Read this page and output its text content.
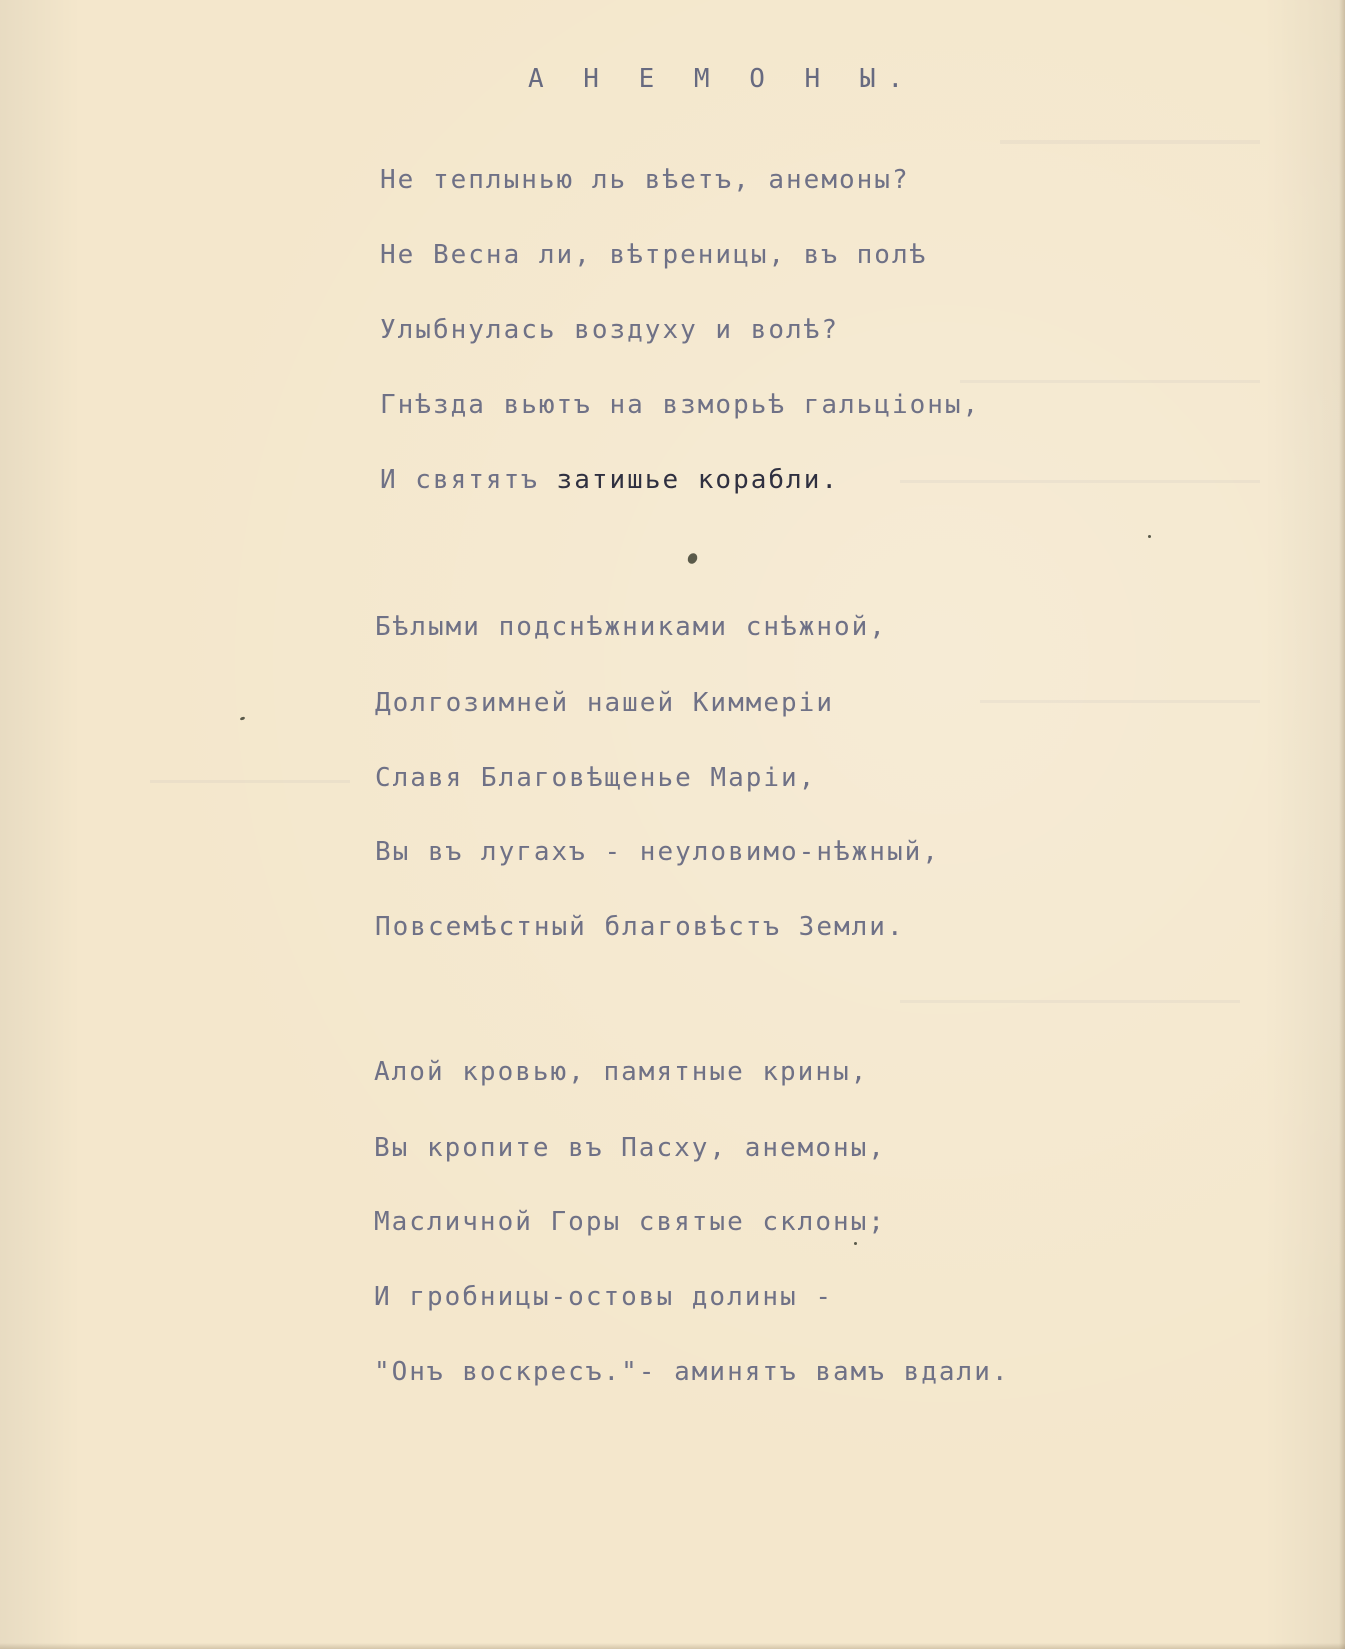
А Н Е М О Н Ы.

Не теплынью ль вѣетъ, анемоны?

Не Весна ли, вѣтреницы, въ полѣ

Улыбнулась воздуху и волѣ?

Гнѣзда вьютъ на взморьѣ гальціоны,

И святятъ затишье корабли.

Бѣлыми подснѣжниками снѣжной,

Долгозимней нашей Киммеріи

Славя Благовѣщенье Маріи,

Вы въ лугахъ - неуловимо-нѣжный,

Повсемѣстный благовѣстъ Земли.

Алой кровью, памятные крины,

Вы кропите въ Пасху, анемоны,

Масличной Горы святые склоны;

И гробницы-остовы долины -

"Онъ воскресъ."- аминятъ вамъ вдали.
